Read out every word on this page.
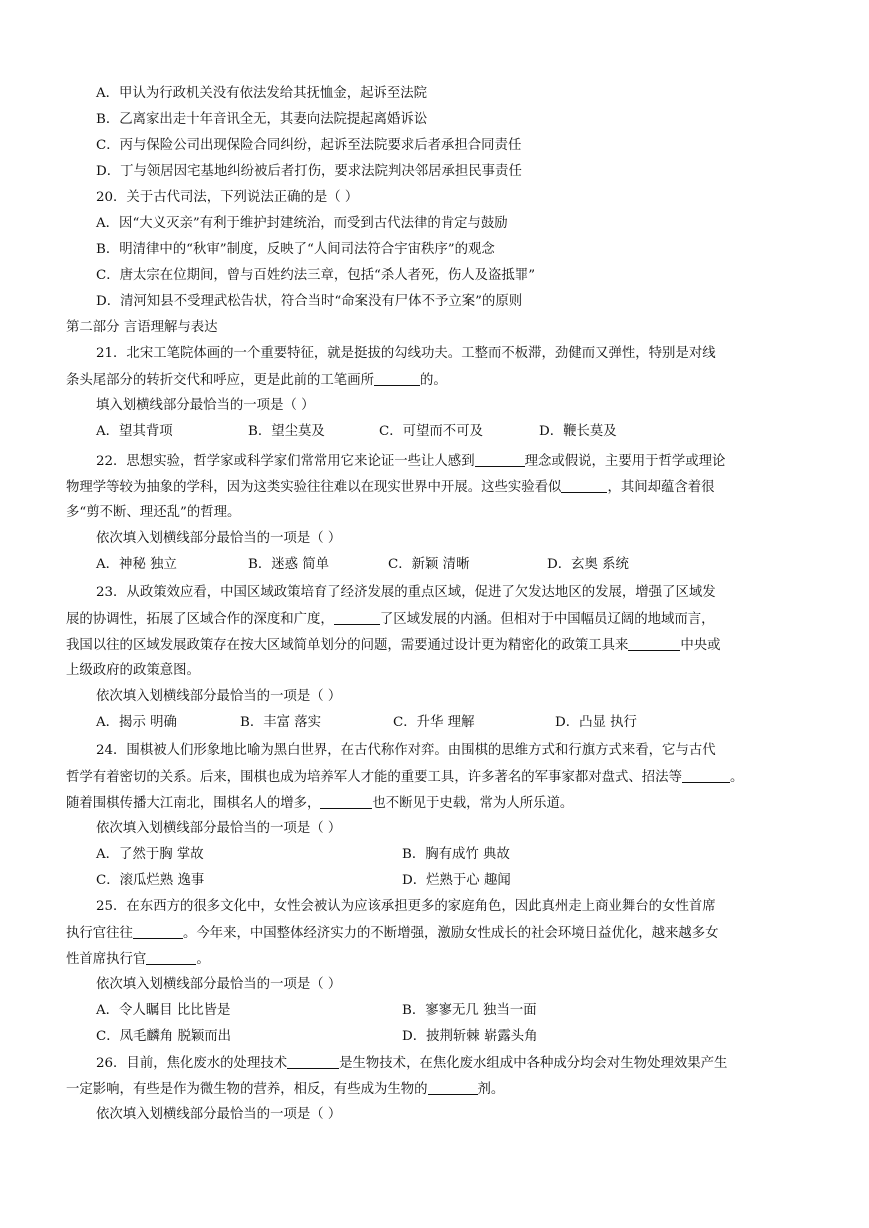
A．甲认为行政机关没有依法发给其抚恤金，起诉至法院
B．乙离家出走十年音讯全无，其妻向法院提起离婚诉讼
C．丙与保险公司出现保险合同纠纷，起诉至法院要求后者承担合同责任
D．丁与领居因宅基地纠纷被后者打伤，要求法院判决邻居承担民事责任
20．关于古代司法，下列说法正确的是（ ）
A．因“大义灭亲”有利于维护封建统治，而受到古代法律的肯定与鼓励
B．明清律中的“秋审”制度，反映了“人间司法符合宇宙秩序”的观念
C．唐太宗在位期间，曾与百姓约法三章，包括“杀人者死，伤人及盗抵罪”
D．清河知县不受理武松告状，符合当时“命案没有尸体不予立案”的原则
第二部分 言语理解与表达
21．北宋工笔院体画的一个重要特征，就是挺拔的勾线功夫。工整而不板滞，劲健而又弹性，特别是对线
条头尾部分的转折交代和呼应，更是此前的工笔画所	的。
填入划横线部分最恰当的一项是（ ）
A．望其背项	B．望尘莫及	C．可望而不可及	D．鞭长莫及
22．思想实验，哲学家或科学家们常常用它来论证一些让人感到	理念或假说，主要用于哲学或理论
物理学等较为抽象的学科，因为这类实验往往难以在现实世界中开展。这些实验看似	，其间却蕴含着很
多“剪不断、理还乱”的哲理。
依次填入划横线部分最恰当的一项是（ ）
A．神秘 独立	B．迷惑 简单	C．新颖 清晰	D．玄奥 系统
23．从政策效应看，中国区域政策培育了经济发展的重点区域，促进了欠发达地区的发展，增强了区域发
展的协调性，拓展了区域合作的深度和广度，	了区域发展的内涵。但相对于中国幅员辽阔的地域而言，
我国以往的区域发展政策存在按大区域简单划分的问题，需要通过设计更为精密化的政策工具来	中央或
上级政府的政策意图。
依次填入划横线部分最恰当的一项是（ ）
A．揭示 明确	B．丰富 落实	C．升华 理解	D．凸显 执行
24．围棋被人们形象地比喻为黑白世界，在古代称作对弈。由围棋的思维方式和行旗方式来看，它与古代
哲学有着密切的关系。后来，围棋也成为培养军人才能的重要工具，许多著名的军事家都对盘式、招法等	。
随着围棋传播大江南北，围棋名人的增多，	也不断见于史载，常为人所乐道。
依次填入划横线部分最恰当的一项是（ ）
A．了然于胸 掌故	B．胸有成竹 典故
C．滚瓜烂熟 逸事	D．烂熟于心 趣闻
25．在东西方的很多文化中，女性会被认为应该承担更多的家庭角色，因此真州走上商业舞台的女性首席
执行官往往	。今年来，中国整体经济实力的不断增强，激励女性成长的社会环境日益优化，越来越多女
性首席执行官	。
依次填入划横线部分最恰当的一项是（ ）
A．令人瞩目 比比皆是	B．寥寥无几 独当一面
C．凤毛麟角 脱颖而出	D．披荆斩棘 崭露头角
26．目前，焦化废水的处理技术	是生物技术，在焦化废水组成中各种成分均会对生物处理效果产生
一定影响，有些是作为微生物的营养，相反，有些成为生物的	剂。
依次填入划横线部分最恰当的一项是（ ）
